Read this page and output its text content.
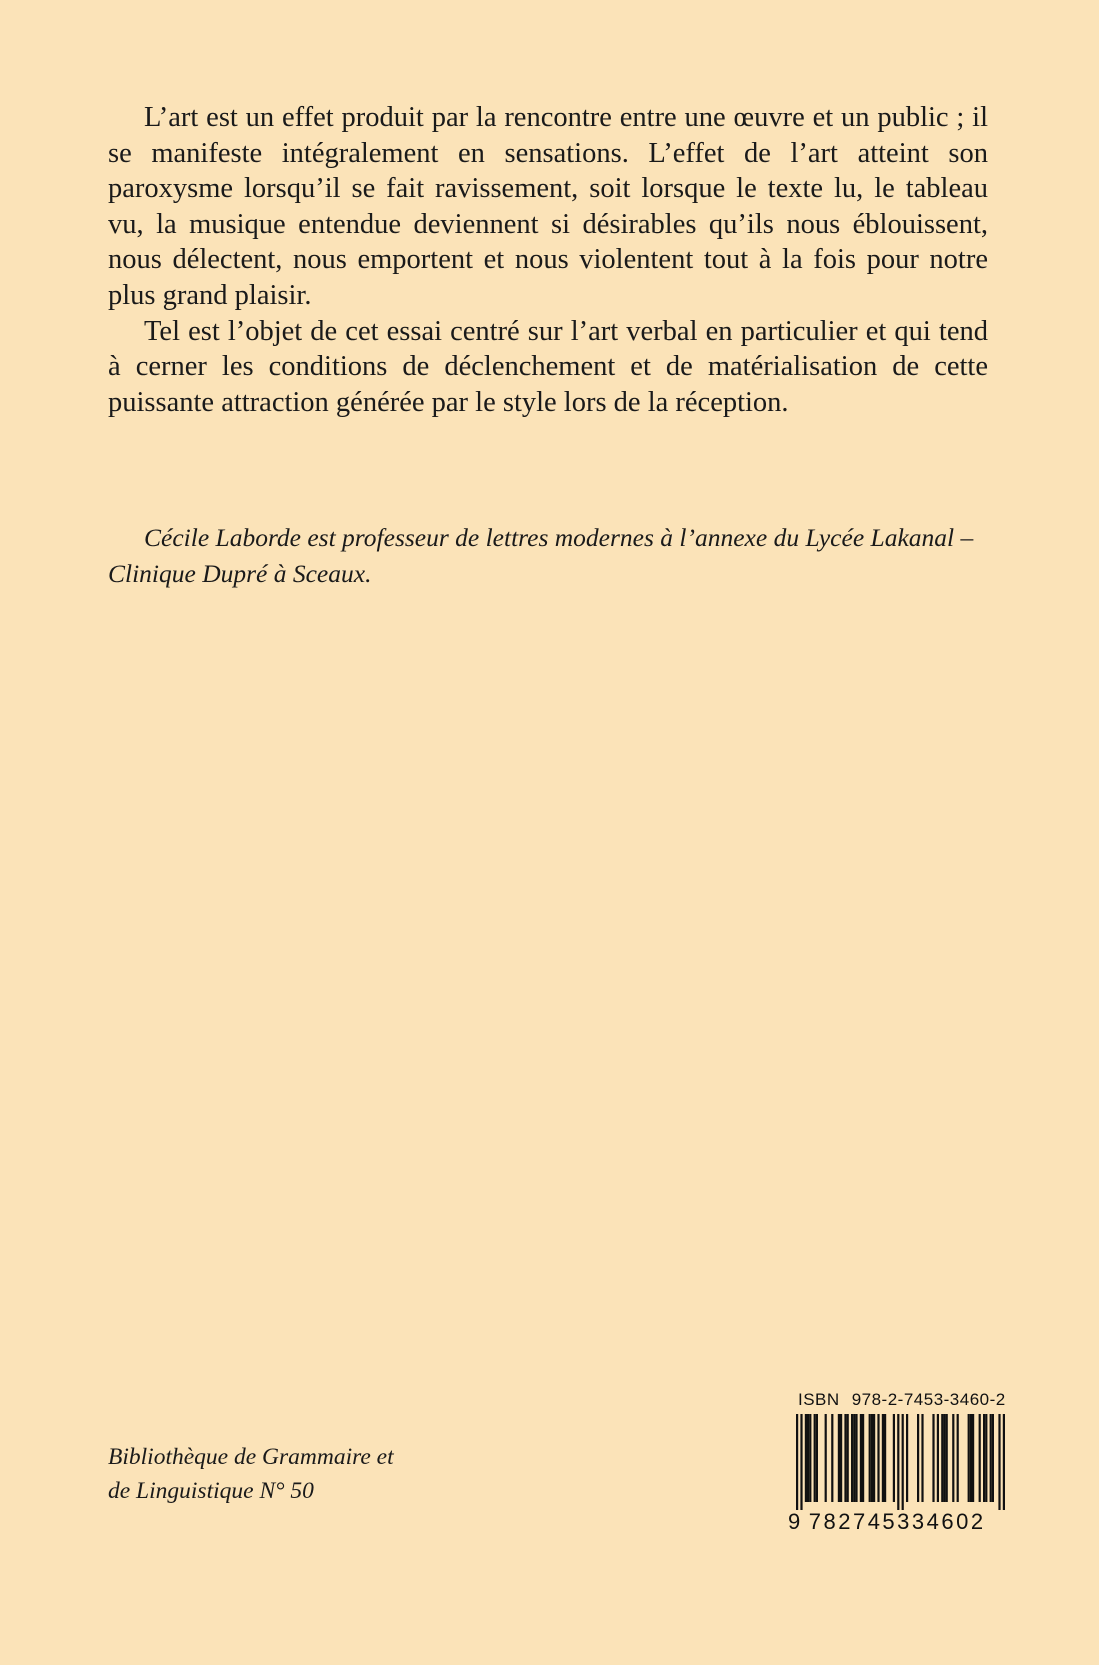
L’art est un effet produit par la rencontre entre une œuvre et un public ; il se manifeste intégralement en sensations. L’effet de l’art atteint son paroxysme lorsqu’il se fait ravissement, soit lorsque le texte lu, le tableau vu, la musique entendue deviennent si désirables qu’ils nous éblouissent, nous délectent, nous emportent et nous violentent tout à la fois pour notre plus grand plaisir.

Tel est l’objet de cet essai centré sur l’art verbal en particulier et qui tend à cerner les conditions de déclenchement et de matérialisation de cette puissante attraction générée par le style lors de la réception.

Cécile Laborde est professeur de lettres modernes à l’annexe du Lycée Lakanal – Clinique Dupré à Sceaux.

Bibliothèque de Grammaire et
de Linguistique N° 50
ISBN 978-2-7453-3460-2
9 782745334602
